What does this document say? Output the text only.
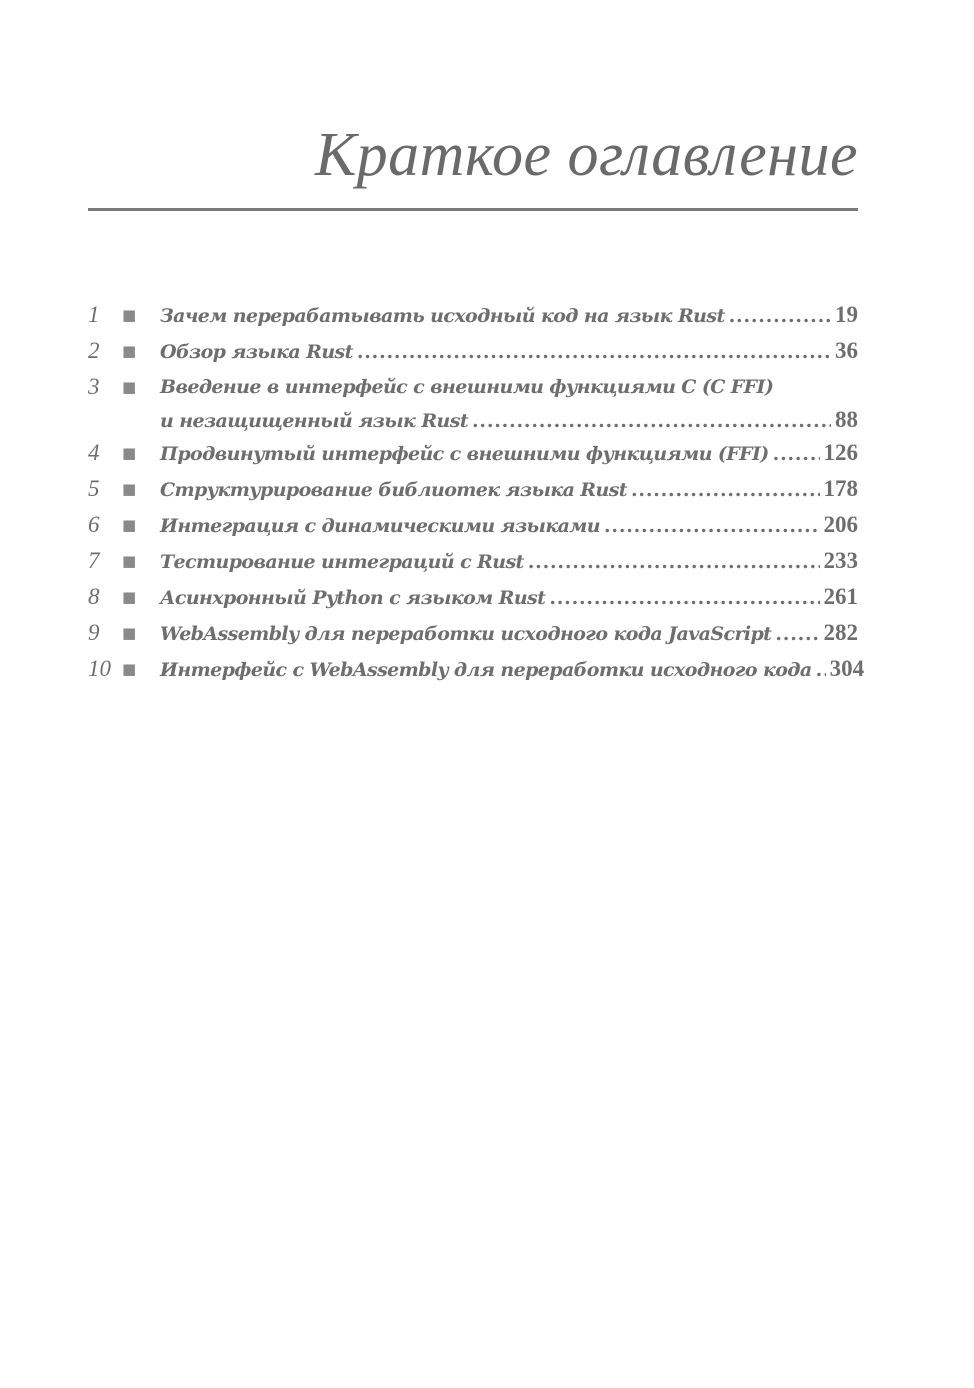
Краткое оглавление
1	■	Зачем перерабатывать исходный код на язык Rust .....	19
2	■	Обзор языка Rust .....	36
3	■	Введение в интерфейс с внешними функциями C (C FFI)
и незащищенный язык Rust .....	88
4	■	Продвинутый интерфейс с внешними функциями (FFI) ..... 126
5	■	Структурирование библиотек языка Rust .....	178
6	■	Интеграция с динамическими языками .....	206
7	■	Тестирование интеграций с Rust .....	233
8	■	Асинхронный Python с языком Rust .....	261
9	■	WebAssembly для переработки исходного кода JavaScript ..... 282
10 ■	Интерфейс с WebAssembly для переработки исходного кода ..... 304
